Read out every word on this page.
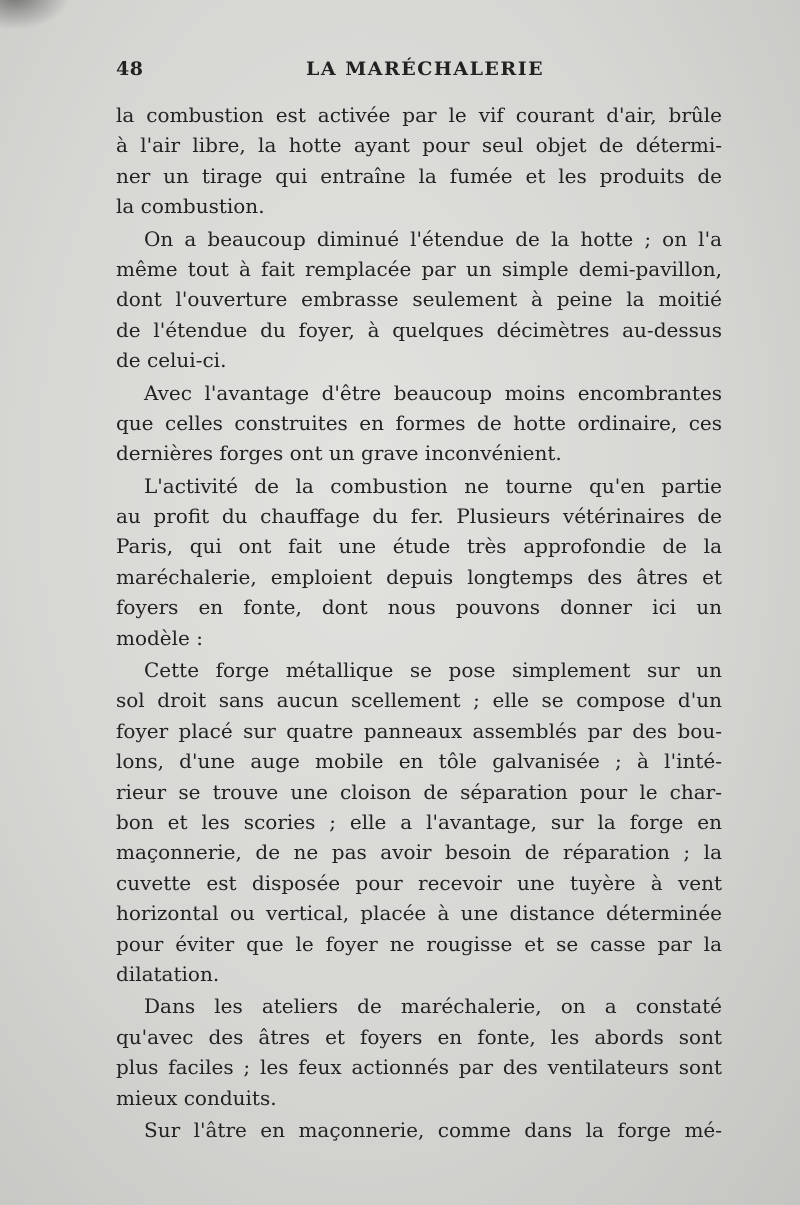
48	LA MARÉCHALERIE
la combustion est activée par le vif courant d'air, brûle
à l'air libre, la hotte ayant pour seul objet de détermi-
ner un tirage qui entraîne la fumée et les produits de
la combustion.
On a beaucoup diminué l'étendue de la hotte ; on l'a
même tout à fait remplacée par un simple demi-pavillon,
dont l'ouverture embrasse seulement à peine la moitié
de l'étendue du foyer, à quelques décimètres au-dessus
de celui-ci.
Avec l'avantage d'être beaucoup moins encombrantes
que celles construites en formes de hotte ordinaire, ces
dernières forges ont un grave inconvénient.
L'activité de la combustion ne tourne qu'en partie
au profit du chauffage du fer. Plusieurs vétérinaires de
Paris, qui ont fait une étude très approfondie de la
maréchalerie, emploient depuis longtemps des âtres et
foyers en fonte, dont nous pouvons donner ici un
modèle :
Cette forge métallique se pose simplement sur un
sol droit sans aucun scellement ; elle se compose d'un
foyer placé sur quatre panneaux assemblés par des bou-
lons, d'une auge mobile en tôle galvanisée ; à l'inté-
rieur se trouve une cloison de séparation pour le char-
bon et les scories ; elle a l'avantage, sur la forge en
maçonnerie, de ne pas avoir besoin de réparation ; la
cuvette est disposée pour recevoir une tuyère à vent
horizontal ou vertical, placée à une distance déterminée
pour éviter que le foyer ne rougisse et se casse par la
dilatation.
Dans les ateliers de maréchalerie, on a constaté
qu'avec des âtres et foyers en fonte, les abords sont
plus faciles ; les feux actionnés par des ventilateurs sont
mieux conduits.
Sur l'âtre en maçonnerie, comme dans la forge mé-
